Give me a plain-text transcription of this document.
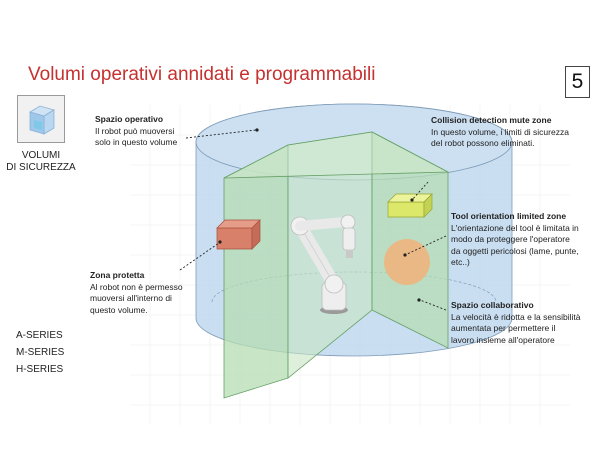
Volumi operativi annidati e programmabili	5
VOLUMI
DI SICUREZZA
A-SERIES
M-SERIES
H-SERIES
Spazio operativo
Il robot può muoversi
solo in questo volume
Collision detection mute zone
In questo volume, i limiti di sicurezza
del robot possono eliminati.
Tool orientation limited zone
L'orientazione del tool è limitata in
modo da proteggere l'operatore
da oggetti pericolosi (lame, punte,
etc..)
Zona protetta
Al robot non è permesso
muoversi all'interno di
questo volume.	Spazio collaborativo
La velocità è ridotta e la sensibilità
aumentata per permettere il
lavoro insieme all'operatore
